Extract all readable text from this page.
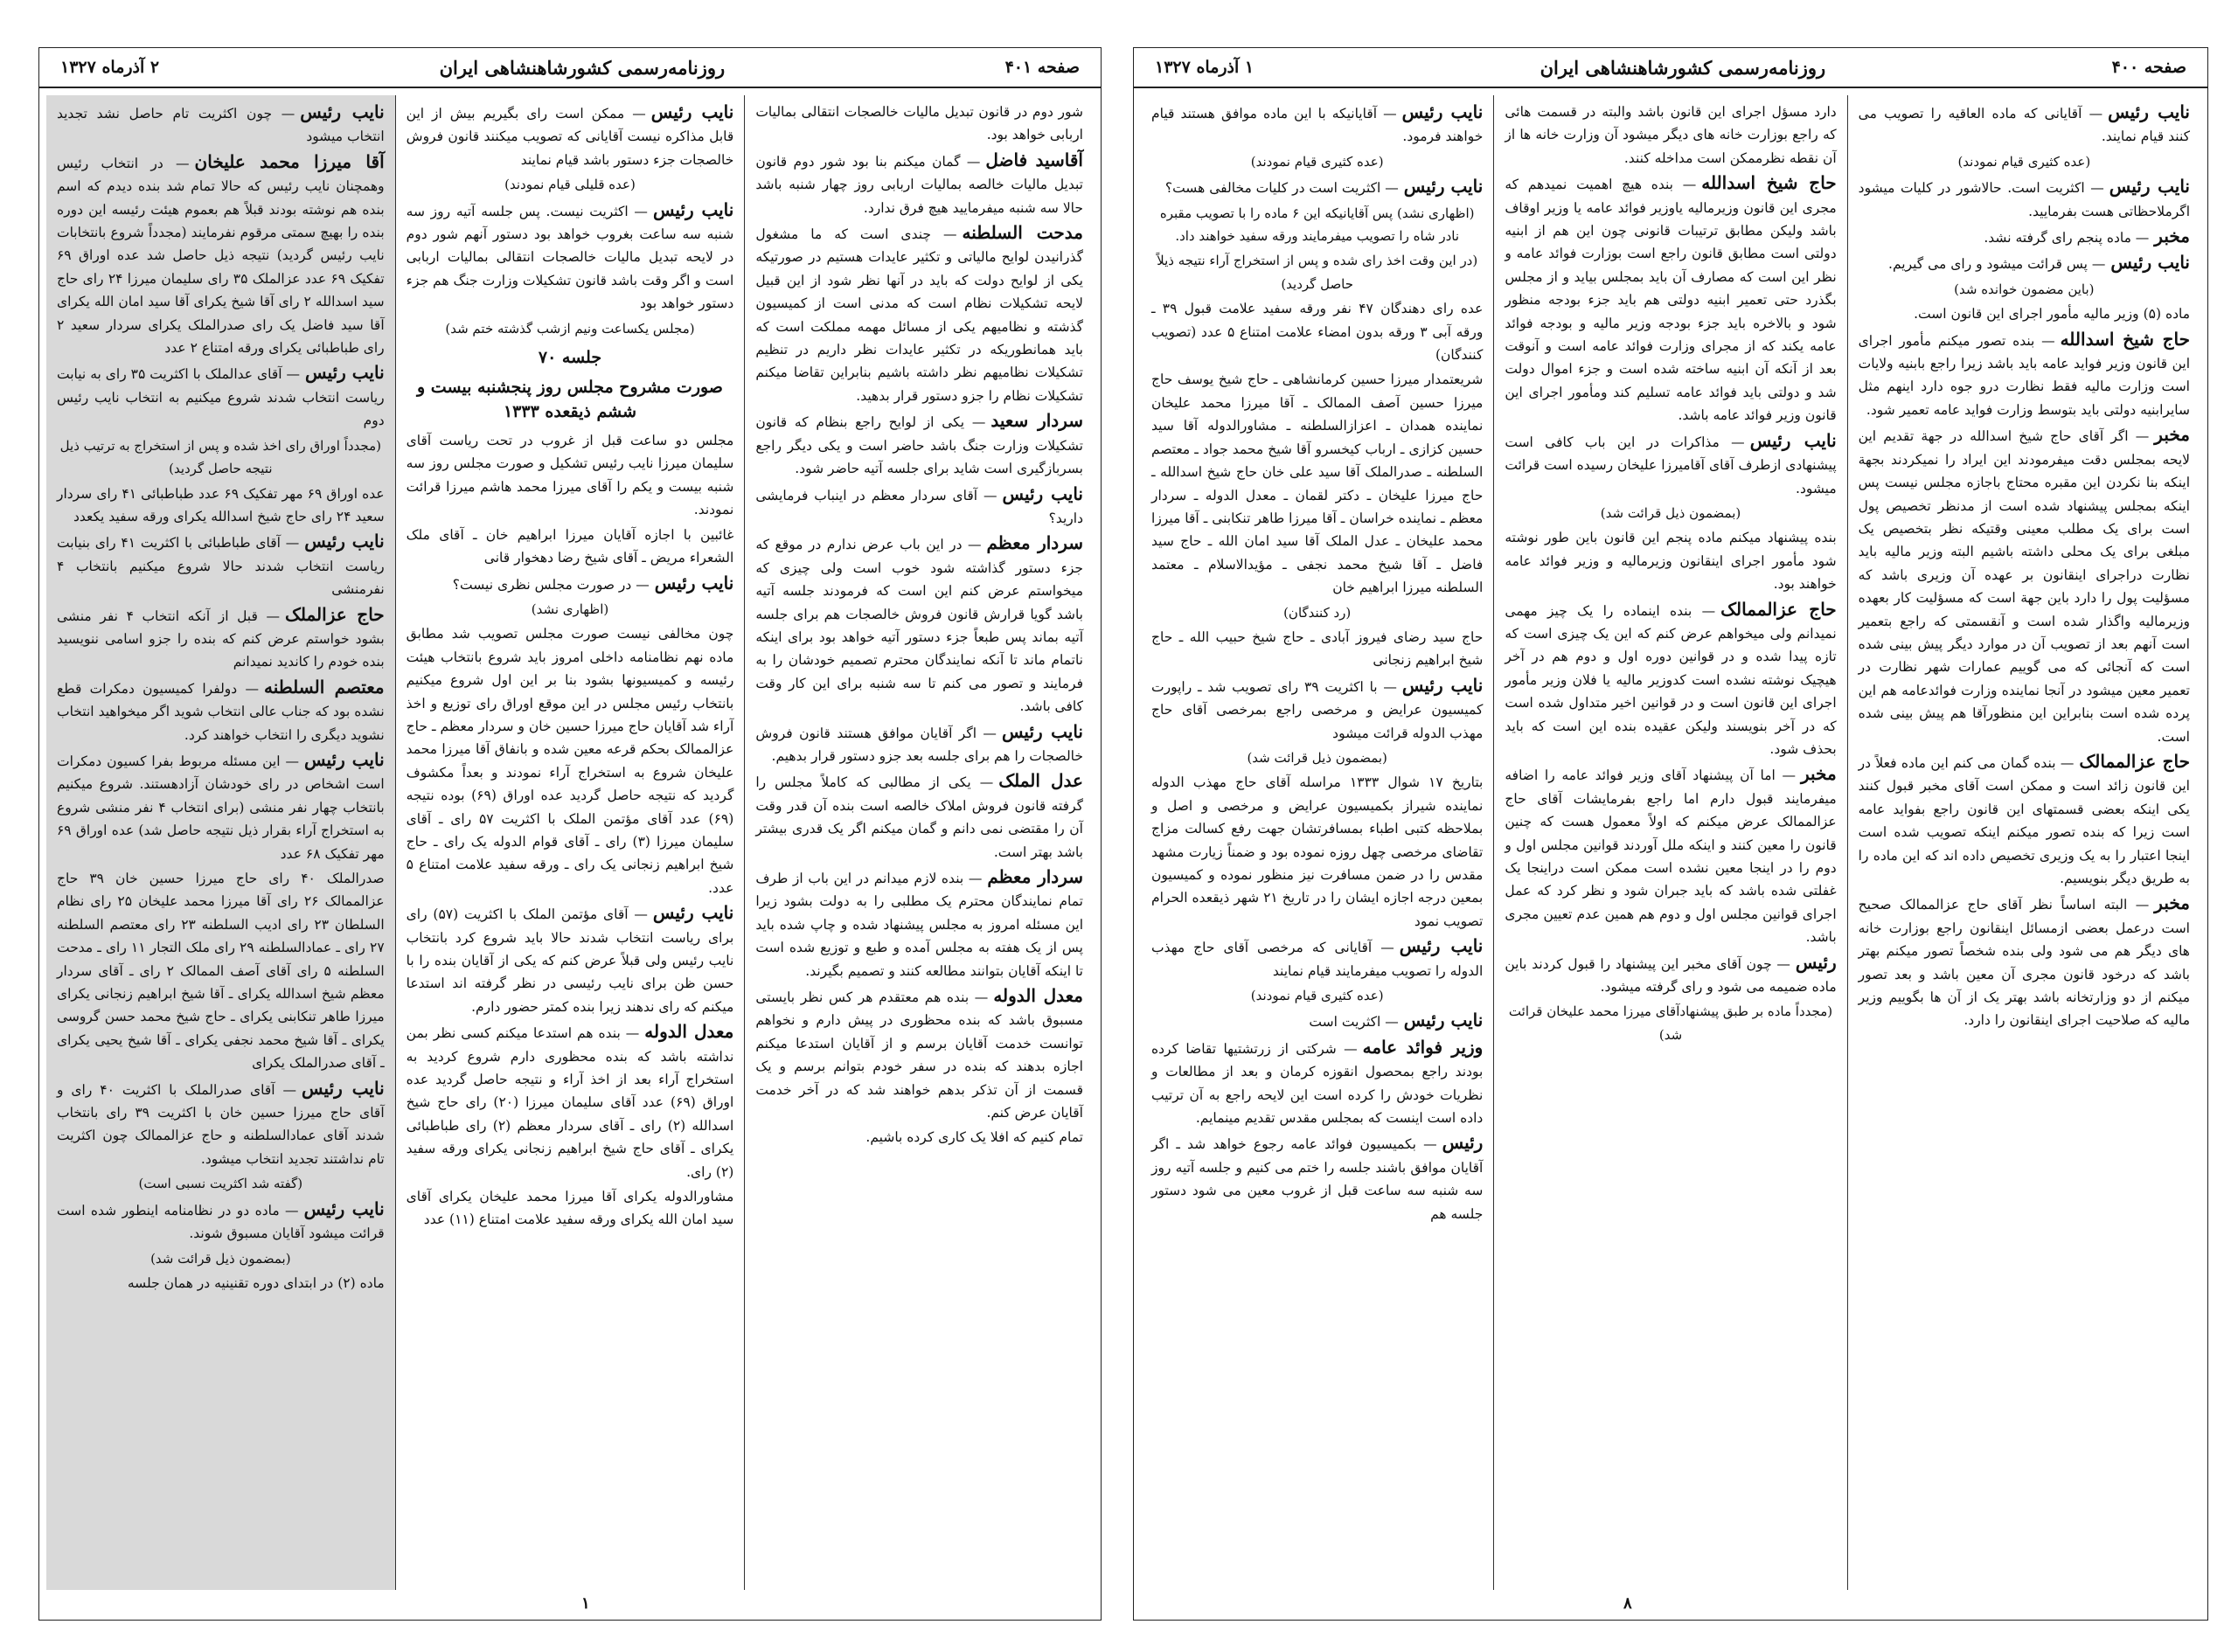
صفحه ۴۰۱
روزنامه‌رسمی کشورشاهنشاهی ایران
۲ آذرماه ۱۳۲۷

شور دوم در قانون تبدیل مالیات خالصجات انتقالی بمالیات اربابی خواهد بود.

آقاسید فاضل— گمان میکنم بنا بود شور دوم قانون تبدیل مالیات خالصه بمالیات اربابی روز چهار شنبه باشد حالا سه شنبه میفرمایید هیچ فرق ندارد.

مدحت السلطنه— چندی است که ما مشغول گذرانیدن لوایح مالیاتی و تکثیر عایدات هستیم در صورتیکه یکی از لوایح دولت که باید در آنها نظر شود از این قبیل لایحه تشکیلات نظام است که مدنی است از کمیسیون گذشته و نظامیهم یکی از مسائل مهمه مملکت است که باید همانطوریکه در تکثیر عایدات نظر داریم در تنظیم تشکیلات نظامیهم نظر داشته باشیم بنابراین تقاضا میکنم تشکیلات نظام را جزو دستور قرار بدهید.

سردار سعید— یکی از لوایح راجع بنظام که قانون تشکیلات وزارت جنگ باشد حاضر است و یکی دیگر راجع بسربازگیری است شاید برای جلسه آتیه حاضر شود.

نایب رئیس— آقای سردار معظم در اینباب فرمایشی دارید؟

سردار معظم— در این باب عرض ندارم در موقع که جزء دستور گذاشته شود خوب است ولی چیزی که میخواستم عرض کنم این است که فرمودند جلسه آتیه باشد گویا قرارش قانون فروش خالصجات هم برای جلسه آتیه بماند پس طبعاً جزء دستور آتیه خواهد بود برای اینکه ناتمام ماند تا آنکه نمایندگان محترم تصمیم خودشان را به فرمایند و تصور می کنم تا سه شنبه برای این کار وقت کافی باشد.

نایب رئیس— اگر آقایان موافق هستند قانون فروش خالصجات را هم برای جلسه بعد جزو دستور قرار بدهیم.

عدل الملک— یکی از مطالبی که کاملاً مجلس را گرفته قانون فروش املاک خالصه است بنده آن قدر وقت آن را مقتضی نمی دانم و گمان میکنم اگر یک قدری بیشتر باشد بهتر است.

سردار معظم— بنده لازم میدانم در این باب از طرف تمام نمایندگان محترم یک مطلبی را به دولت بشود زیرا این مسئله امروز به مجلس پیشنهاد شده و چاپ شده باید پس از یک هفته به مجلس آمده و طبع و توزیع شده است تا اینکه آقایان بتوانند مطالعه کنند و تصمیم بگیرند.

معدل الدوله— بنده هم معتقدم هر کس نظر بایستی مسبوق باشد که بنده محظوری در پیش دارم و نخواهم توانست خدمت آقایان برسم و از آقایان استدعا میکنم اجازه بدهند که بنده در سفر خودم بتوانم برسم و یک قسمت از آن تذکر بدهم خواهند شد که در آخر خدمت آقایان عرض کنم.

تمام کنیم که افلا یک کاری کرده باشیم.

نایب رئیس— ممکن است رای بگیریم بیش از این قابل مذاکره نیست آقایانی که تصویب میکنند قانون فروش خالصجات جزء دستور باشد قیام نمایند

(عده قلیلی قیام نمودند)

نایب رئیس— اکثریت نیست. پس جلسه آتیه روز سه شنبه سه ساعت بغروب خواهد بود دستور آنهم شور دوم در لایحه تبدیل مالیات خالصجات انتقالی بمالیات اربابی است و اگر وقت باشد قانون تشکیلات وزارت جنگ هم جزء دستور خواهد بود

(مجلس یکساعت ونیم ازشب گذشته ختم شد)

جلسه ۷۰
صورت مشروح مجلس روز پنجشنبه بیست و ششم ذیقعده ۱۳۳۳

مجلس دو ساعت قبل از غروب در تحت ریاست آقای سلیمان میرزا نایب رئیس تشکیل و صورت مجلس روز سه شنبه بیست و یکم را آقای میرزا محمد هاشم میرزا قرائت نمودند.

غائبین با اجازه آقایان میرزا ابراهیم خان ـ آقای ملک الشعراء مریض ـ آقای شیخ رضا دهخوار قانی

نایب رئیس— در صورت مجلس نظری نیست؟

(اظهاری نشد)

چون مخالفی نیست صورت مجلس تصویب شد مطابق ماده نهم نظامنامه داخلی امروز باید شروع بانتخاب هیئت رئیسه و کمیسیونها بشود بنا بر این اول شروع میکنیم بانتخاب رئیس مجلس در این موقع اوراق رای توزیع و اخذ آراء شد آقایان حاج میرزا حسین خان و سردار معظم ـ حاج عزالممالک بحکم قرعه معین شده و بانفاق آقا میرزا محمد علیخان شروع به استخراج آراء نمودند و بعداً مکشوف گردید که نتیجه حاصل گردید عده اوراق (۶۹) بوده نتیجه (۶۹) عدد آقای مؤتمن الملک با اکثریت ۵۷ رای ـ آقای سلیمان میرزا (۳) رای ـ آقای قوام الدوله یک رای ـ حاج شیخ ابراهیم زنجانی یک رای ـ ورقه سفید علامت امتناع ۵ عدد.

نایب رئیس— آقای مؤتمن الملک با اکثریت (۵۷) رای برای ریاست انتخاب شدند حالا باید شروع کرد بانتخاب نایب رئیس ولی قبلاً عرض کنم که یکی از آقایان بنده را با حسن ظن برای نایب رئیسی در نظر گرفته اند استدعا میکنم که رای ندهند زیرا بنده کمتر حضور دارم.

معدل الدوله— بنده هم استدعا میکنم کسی نظر بمن نداشته باشد که بنده محظوری دارم شروع کردید به استخراج آراء بعد از اخذ آراء و نتیجه حاصل گردید عده اوراق (۶۹) عدد آقای سلیمان میرزا (۲۰) رای حاج شیخ اسدالله (۲) رای ـ آقای سردار معظم (۲) رای طباطبائی یکرای ـ آقای حاج شیخ ابراهیم زنجانی یکرای ورقه سفید (۲) رای.

مشاورالدوله یکرای آقا میرزا محمد علیخان یکرای آقای سید امان الله یکرای ورقه سفید علامت امتناع (۱۱) عدد

نایب رئیس— چون اکثریت تام حاصل نشد تجدید انتخاب میشود

آقا میرزا محمد علیخان— در انتخاب رئیس وهمچنان نایب رئیس که حالا تمام شد بنده دیدم که اسم بنده هم نوشته بودند قبلاً هم بعموم هیئت رئیسه این دوره بنده را بهیچ سمتی مرقوم نفرمایند (مجدداً شروع بانتخابات نایب رئیس گردید) نتیجه ذیل حاصل شد عده اوراق ۶۹ تفکیک ۶۹ عدد عزالملک ۳۵ رای سلیمان میرزا ۲۴ رای حاج سید اسدالله ۲ رای آقا شیخ یکرای آقا سید امان الله یکرای آقا سید فاضل یک رای صدرالملک یکرای سردار سعید ۲ رای طباطبائی یکرای ورقه امتناع ۲ عدد

نایب رئیس— آقای عدالملک با اکثریت ۳۵ رای به نیابت ریاست انتخاب شدند شروع میکنیم به انتخاب نایب رئیس دوم

(مجدداً اوراق رای اخذ شده و پس از استخراج به ترتیب ذیل نتیجه حاصل گردید)

عده اوراق ۶۹ مهر تفکیک ۶۹ عدد طباطبائی ۴۱ رای سردار سعید ۲۴ رای حاج شیخ اسدالله یکرای ورقه سفید یکعدد

نایب رئیس— آقای طباطبائی با اکثریت ۴۱ رای بنیابت ریاست انتخاب شدند حالا شروع میکنیم بانتخاب ۴ نفرمنشی

حاج عزالملک— قبل از آنکه انتخاب ۴ نفر منشی بشود خواستم عرض کنم که بنده را جزو اسامی ننویسید بنده خودم را کاندید نمیدانم

معتصم السلطنه— دولفرا کمیسیون دمکرات قطع نشده بود که جناب عالی انتخاب شوید اگر میخواهید انتخاب نشوید دیگری را انتخاب خواهند کرد.

نایب رئیس— این مسئله مربوط بفرا کسیون دمکرات است اشخاص در رای خودشان آزادهستند. شروع میکنیم بانتخاب چهار نفر منشی (برای انتخاب ۴ نفر منشی شروع به استخراج آراء بقرار ذیل نتیجه حاصل شد) عده اوراق ۶۹ مهر تفکیک ۶۸ عدد

صدرالملک ۴۰ رای حاج میرزا حسین خان ۳۹ حاج عزالممالک ۲۶ رای آقا میرزا محمد علیخان ۲۵ رای نظام السلطان ۲۳ رای ادیب السلطنه ۲۳ رای معتصم السلطنه ۲۷ رای ـ عمادالسلطنه ۲۹ رای ملک التجار ۱۱ رای ـ مدحت السلطنه ۵ رای آقای آصف الممالک ۲ رای ـ آقای سردار معظم شیخ اسدالله یکرای ـ آقا شیخ ابراهیم زنجانی یکرای میرزا طاهر تنکابنی یکرای ـ حاج شیخ محمد حسن گروسی یکرای ـ آقا شیخ محمد نجفی یکرای ـ آقا شیخ یحیی یکرای ـ آقای صدرالملک یکرای

نایب رئیس— آقای صدرالملک با اکثریت ۴۰ رای و آقای حاج میرزا حسین خان با اکثریت ۳۹ رای بانتخاب شدند آقای عمادالسلطنه و حاج عزالممالک چون اکثریت تام نداشتند تجدید انتخاب میشود.

(گفته شد اکثریت نسبی است)

نایب رئیس— ماده دو در نظامنامه اینطور شده است قرائت میشود آقایان مسبوق شوند.

(بمضمون ذیل قرائت شد)

ماده (۲) در ابتدای دوره تقنینیه در همان جلسه

۱
صفحه ۴۰۰
روزنامه‌رسمی کشورشاهنشاهی ایران
۱ آذرماه ۱۳۲۷

نایب رئیس— آقایانی که ماده العاقیه را تصویب می کنند قیام نمایند.

(عده کثیری قیام نمودند)

نایب رئیس— اکثریت است. حالاشور در کلیات میشود اگرملاحظاتی هست بفرمایید.

مخبر— ماده پنجم رای گرفته نشد.

نایب رئیس— پس قرائت میشود و رای می گیریم.

(باین مضمون خوانده شد)

ماده (۵) وزیر مالیه مأمور اجرای این قانون است.

حاج شیخ اسدالله— بنده تصور میکنم مأمور اجرای این قانون وزیر فواید عامه باید باشد زیرا راجع بابنیه ولایات است وزارت مالیه فقط نظارت درو جوه دارد اینهم مثل سایرابنیه دولتی باید بتوسط وزارت فواید عامه تعمیر شود.

مخبر— اگر آقای حاج شیخ اسدالله در جهة تقدیم این لایحه بمجلس دقت میفرمودند این ایراد را نمیکردند بجهة اینکه بنا نکردن این مقبره محتاج باجازه مجلس نیست پس اینکه بمجلس پیشنهاد شده است از مدنظر تخصیص پول است برای یک مطلب معینی وقتیکه نظر بتخصیص یک مبلغی برای یک محلی داشته باشیم البته وزیر مالیه باید نظارت دراجرای اینقانون بر عهده آن وزیری باشد که مسؤلیت پول را دارد باین جهة است که مسؤلیت کار بعهده وزیرمالیه واگذار شده است و آنقسمتی که راجع بتعمیر است آنهم بعد از تصویب آن در موارد دیگر پیش بینی شده است که آنجائی که می گوییم عمارات شهر نظارت در تعمیر معین میشود در آنجا نماینده وزارت فوائدعامه هم این پرده شده است بنابراین این منظورآقا هم پیش بینی شده است.

حاج عزالممالک— بنده گمان می کنم این ماده فعلاً در این قانون زائد است و ممکن است آقای مخبر قبول کنند یکی اینکه بعضی قسمتهای این قانون راجع بفواید عامه است زیرا که بنده تصور میکنم اینکه تصویب شده است اینجا اعتبار را به یک وزیری تخصیص داده اند که این ماده را به طریق دیگر بنویسیم.

مخبر— البته اساساً نظر آقای حاج عزالممالک صحیح است درعمل بعضی ازمسائل اینقانون راجع بوزارت خانه های دیگر هم می شود ولی بنده شخصاً تصور میکنم بهتر باشد که درخود قانون مجری آن معین باشد و بعد تصور میکنم از دو وزارتخانه باشد بهتر یک از آن ها بگوییم وزیر مالیه که صلاحیت اجرای اینقانون را دارد.

دارد مسؤل اجرای این قانون باشد والبته در قسمت هائی که راجع بوزارت خانه های دیگر میشود آن وزارت خانه ها از آن نقطه نظرممکن است مداخله کنند.

حاج شیخ اسدالله— بنده هیچ اهمیت نمیدهم که مجری این قانون وزیرمالیه یاوزیر فوائد عامه یا وزیر اوقاف باشد ولیکن مطابق ترتیبات قانونی چون این هم از ابنیه دولتی است مطابق قانون راجع است بوزارت فوائد عامه و نظر این است که مصارف آن باید بمجلس بیاید و از مجلس بگذرد حتی تعمیر ابنیه دولتی هم باید جزء بودجه منظور شود و بالاخره باید جزء بودجه وزیر مالیه و بودجه فوائد عامه یکند که از مجرای وزارت فوائد عامه است و آنوقت بعد از آنکه آن ابنیه ساخته شده است و جزء اموال دولت شد و دولتی باید فوائد عامه تسلیم کند ومأمور اجرای این قانون وزیر فوائد عامه باشد.

نایب رئیس— مذاکرات در این باب کافی است پیشنهادی ازطرف آقای آقامیرزا علیخان رسیده است قرائت میشود.

(بمضمون ذیل قرائت شد)

بنده پیشنهاد میکنم ماده پنجم این قانون باین طور نوشته شود مأمور اجرای اینقانون وزیرمالیه و وزیر فوائد عامه خواهند بود.

حاج عزالممالک— بنده اینماده را یک چیز مهمی نمیدانم ولی میخواهم عرض کنم که این یک چیزی است که تازه پیدا شده و در قوانین دوره اول و دوم هم در آخر هیچیک نوشته نشده است کدوزیر مالیه یا فلان وزیر مأمور اجرای این قانون است و در قوانین اخیر متداول شده است که در آخر بنویسند ولیکن عقیده بنده این است که باید بحذف شود.

مخبر— اما آن پیشنهاد آقای وزیر فوائد عامه را اضافه میفرمایند قبول دارم اما راجع بفرمایشات آقای حاج عزالممالک عرض میکنم که اولاً معمول هست که چنین قانون را معین کنند و اینکه ملل آوردند قوانین مجلس اول و دوم را در اینجا معین نشده است ممکن است دراینجا یک غفلتی شده باشد که باید جبران شود و نظر کرد که عمل اجرای قوانین مجلس اول و دوم هم همین عدم تعیین مجری باشد.

رئیس— چون آقای مخبر این پیشنهاد را قبول کردند باین ماده ضمیمه می شود و رای گرفته میشود.

(مجدداً ماده بر طبق پیشنهادآقای میرزا محمد علیخان قرائت شد)

نایب رئیس— آقایانیکه با این ماده موافق هستند قیام خواهند فرمود.

(عده کثیری قیام نمودند)

نایب رئیس— اکثریت است در کلیات مخالفی هست؟

(اظهاری نشد) پس آقایانیکه این ۶ ماده را با تصویب مقبره نادر شاه را تصویب میفرمایند ورقه سفید خواهند داد.

(در این وقت اخذ رای شده و پس از استخراج آراء نتیجه ذیلاً حاصل گردید)

عده رای دهندگان ۴۷ نفر ورقه سفید علامت قبول ۳۹ ـ ورقه آبی ۳ ورقه بدون امضاء علامت امتناع ۵ عدد (تصویب کنندگان)

شریعتمدار میرزا حسین کرمانشاهی ـ حاج شیخ یوسف حاج میرزا حسین آصف الممالک ـ آقا میرزا محمد علیخان نماینده همدان ـ اعزازالسلطنه ـ مشاورالدوله آقا سید حسین کزازی ـ ارباب کیخسرو آقا شیخ محمد جواد ـ معتصم السلطنه ـ صدرالملک آقا سید علی خان حاج شیخ اسدالله ـ حاج میرزا علیخان ـ دکتر لقمان ـ معدل الدوله ـ سردار معظم ـ نماینده خراسان ـ آقا میرزا طاهر تنکابنی ـ آقا میرزا محمد علیخان ـ عدل الملک آقا سید امان الله ـ حاج سید فاضل ـ آقا شیخ محمد نجفی ـ مؤیدالاسلام ـ معتمد السلطنه میرزا ابراهیم خان

(رد کنندگان)

حاج سید رضای فیروز آبادی ـ حاج شیخ حبیب الله ـ حاج شیخ ابراهیم زنجانی

نایب رئیس— با اکثریت ۳۹ رای تصویب شد ـ راپورت کمیسیون عرایض و مرخصی راجع بمرخصی آقای حاج مهذب الدوله قرائت میشود

(بمضمون ذیل قرائت شد)

بتاریخ ۱۷ شوال ۱۳۳۳ مراسله آقای حاج مهذب الدوله نماینده شیراز بکمیسیون عرایض و مرخصی و اصل و بملاحظه کتبی اطباء بمسافرتشان جهت رفع کسالت مزاج تقاضای مرخصی چهل روزه نموده بود و ضمناً زیارت مشهد مقدس را در ضمن مسافرت نیز منظور نموده و کمیسیون بمعین درجه اجازه ایشان را در تاریخ ۲۱ شهر ذیقعده الحرام تصویب نمود

نایب رئیس— آقایانی که مرخصی آقای حاج مهذب الدوله را تصویب میفرمایند قیام نمایند

(عده کثیری قیام نمودند)

نایب رئیس— اکثریت است

وزیر فوائد عامه— شرکتی از زرتشتیها تقاضا کرده بودند راجع بمحصول انقوزه کرمان و بعد از مطالعات و نظریات خودش را کرده است این لایحه راجع به آن ترتیب داده است اینست که بمجلس مقدس تقدیم مینمایم.

رئیس— بکمیسیون فوائد عامه رجوع خواهد شد ـ اگر آقایان موافق باشند جلسه را ختم می کنیم و جلسه آتیه روز سه شنبه سه ساعت قبل از غروب معین می شود دستور جلسه هم

۸
